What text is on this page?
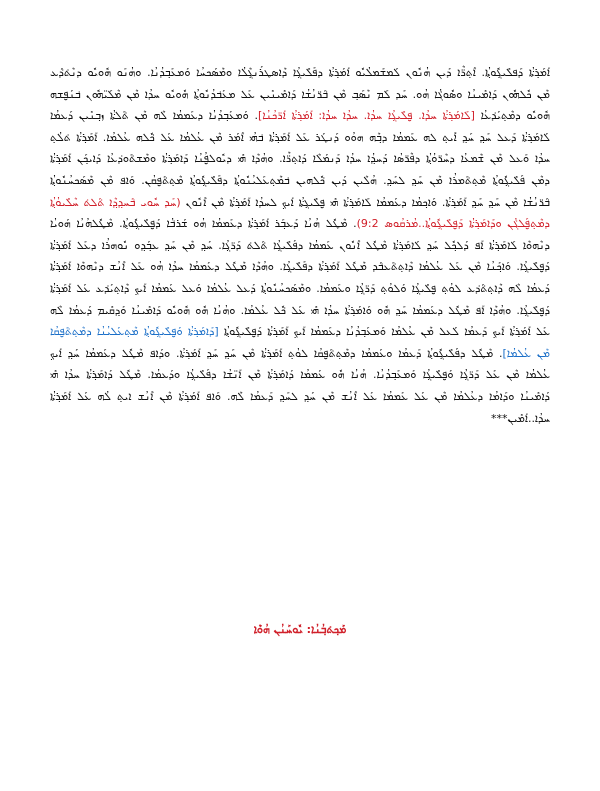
ܐܰܡܰܪ݂ܬ݁ܳܐ ܕܰܦܠܺܝܓ݂ܽܘܬ݂ܳܐ. ܐܶܬ݂ܪ̈ܶܐ ܕܰܝܢ ܗܳܢܽܘܢ ܠܰܡܫܰܡܠܳܝܽܘ ܐܰܡܰܪ݂ܬ݁ܳܐ ܕܦܰܠܺܝܓ݂ܳܐ ܕܶܐܣܛܪܰܢܓ݂ܶܠܳܐ ܘܡܶܣܰܟܚܳܐ ܘܰܡܥܰܒ݂ܕܳܢܳܐ. ܘܗܳܢܰܘ ܗܽܘܝܽܘ ܕܢܶܬ݁ܕ݁ܰܥ ܡܶܢ ܟܽܠܗܽܘܢ ܕܰܐܡܺܝܢܳܐ ܘܣܽܘܓ݁ܳܐ ܗܳܘ. ܚܰܕ ܠܰܡ ܢܶܣܰܒ݂ ܡܶܢ ܒ݁ܰܪ̈ܢܳܫܳܐ ܕܰܐܡܺܝܢܺܝܢ ܥܰܠ ܡܥܰܒ݁ܕܳܢܽܘܬ݂ܳܐ ܗܽܘܝܽܘ ܚܕܳܐ ܡܶܢ ܡܶܠܰܝ̈ܗܽܘܢ ܒ݁ܢܰܦ̮ܫܗ ܗܽܘܝܽܘ ܕܡܶܬ݂ܝܰܕ݁ܥܳܐ [ܠܰܐܡܰܪ݂ܬ݁ܳܐ ܚܕܳܐ. ܦ̮ܠܺܝܓ݂ܳܐ ܚܕܳܐ. ܚܕܳܐ ܚܕܳܐ: ܐܰܡܰܪ݂ܬ݁ܳܐ ܐܰܪ̈ܟܳܢܳܐ]. ܘܰܡܥܰܒ݂ܕܳܢܳܐ ܕܥܰܡܡܳܐ ܠܶܗ ܡܶܢ ܬ݁ܰܠܬ݁ܳܐ ܙܒ݂ܢܺܝܢ ܕܰܥܡܳܐ ܠܰܐܡܰܪ݂ܬ݁ܳܐ ܕܰܥܠ ܚܰܕ݂ ܚܰܕ݂ ܐܺܝܬ݂ ܠܗ ܥܰܡܡܳܐ ܕܒ݂ܶܗ ܗܘܳܘ ܕܰܢܛܰܪ ܥܰܠ ܐܰܡܰܪ݂ܬ݁ܳܐ ܒ݁ܗܳܝ ܐܶܡܰܪ ܡܶܢ ܥܳܠܡܳܐ ܥܰܠ ܟ݁ܽܠܗ ܥܳܠܡܳܐ. ܐܰܡܰܪ݂ܬ݁ܳܐ ܬ݁ܠܳܬ݂ ܚܕܳܐ ܘܰܥܠ ܡܶܢ ܫܶܡܥܳܐ ܕܚܶܪ̈ܘܳܬ݂ܳܐ ܕܦܶܪ̈ܣܳܐ ܕܰܚܕ݂ܳܐ ܚܕܳܐ ܕܰܢܡܰܠܶܐ ܕܰܐܬ݂ܪ̈ܶܐ. ܘܗܳܕܶܐ ܗܺܝ ܕܝܽܘܠܦ̮ܳܢܳܐ ܕܰܐܡܰܪ݂ܬ݁ܳܐ ܘܡܶܫܬ݁ܰܘܕ݁ܥܳܐ ܕܰܐܝܟ݂ܰܢ ܐܰܡܰܪ݂ܬ݁ܳܐ ܕܡܶܢ ܦܰܠܺܝܓ݂ܽܘܬ݂ܳܐ ܡܶܬ݂ܬ݁ܰܡܪܳܐ ܡܶܢ ܚܰܕ݂ ܠܚܰܕ݂. ܗܳܠܶܝܢ ܕܰܝܢ ܟ݁ܽܠܗܝܢ ܒ݁ܡܶܬ݂ܥܰܠܝܳܢܽܘܬ݂ܳܐ ܕܦܰܠܺܝܓ݂ܽܘܬ݂ܳܐ ܡܶܬ݂ܬ݁ܰܦ̮ܩܳܢ. ܘܰܐܦ ܡܶܢ ܡܶܣܰܟܚܳܢܽܘܬ݂ܳܐ ܒ݁ܰܪ̈ܢܳܫܳܐ ܡܶܢ ܚܰܕ݂ ܚܰܕ݂ ܐܰܡܰܪ݂ܬ݁ܳܐ. ܘܰܐܟ݂ܡܳܐ ܕܥܰܡܡܳܐ ܠܰܐܡܰܪ݂ܬ݁ܳܐ ܗܺܝ ܦ̮ܠܺܝܓ݂ܬ݁ܳܐ ܐܰܝܟ݂ ܠܚܕܳܐ ܐܰܡܰܪ݂ܬ݁ܳܐ ܡܶܢ ܐܶܢܽܘܢ (ܚܰܕ ܚܽܘܝ ܒ݁ܰܚܕ݂ܕ݂ܶܐ ܬ݁ܰܠܬ݁ ܚܶܠܺܝܘܳܬ݂ܳܐ ܕܡܶܬ݂ܦ̮ܰܠܓ݁ܳܢ ܘܕܰܐܡܰܪ݂ܬ݁ܳܐ ܕܰܦ̮ܠܺܝܓ݂ܽܘܬ݂ܳܐ..ܡܳܪܩܳܘܣ 9:2). ܡܶܛܽܠ ܗܳܢܳܐ ܕܰܥܒ݂ܰܪ ܐܰܡܰܪ݂ܬ݁ܳܐ ܕܥܰܡܡܳܐ ܗܳܘ ܫܰܪܒ݁ܳܐ ܕܰܦ̮ܠܺܝܓ݂ܽܘܬ݂ܳܐ. ܡܶܛܽܠܗܳܢܳܐ ܗܰܘܝܳܐ ܕܢܶܗܘܶܐ ܠܰܐܡܰܪ݂ܬ݁ܳܐ ܐܰܦ ܕܰܠܟ݂ܽܠ ܚܰܕ݂ ܠܰܐܡܰܪ݂ܬ݁ܳܐ ܡܶܛܽܠ ܐܶܢܽܘܢ ܥܰܡܡܳܐ ܕܦܰܠܺܝܓ݂ܳܐ ܬ݁ܰܠܬ݁ ܕܰܪ̈ܓ݂ܳܐ. ܚܰܕ݂ ܡܶܢ ܚܰܕ݂ ܥܒ݂ܰܕ݂ܘ ܢܽܘܗܪܳܐ ܕܥܰܠ ܐܰܡܰܪ݂ܬ݁ܳܐ ܕܰܦ̮ܠܺܝܓ݂ܳܐ. ܘܰܐܟ݂ܰܢܳܐ ܡܶܢ ܥܰܠ ܥܳܠܡܳܐ ܕܶܐܬ݂ܬ݁ܰܥܒ݁ܰܕ ܡܶܛܽܠ ܐܰܡܰܪ݂ܬ݁ܳܐ ܕܦܰܠܺܝܓ݂ܳܐ. ܘܗܳܕܶܐ ܡܶܛܽܠ ܕܥܰܡܡܳܐ ܚܕܳܐ ܗܳܘ ܥܰܠ ܐܶܢܳܫ ܕܢܶܗܘܶܐ ܐܰܡܰܪ݂ܬ݁ܳܐ ܕܰܥܡܳܐ ܠܶܗ ܕܶܐܬ݂ܬ݁ܰܕ݁ܥ ܠܘܳܬ݂ ܦ̮ܠܺܝܓ݂ܳܐ ܘܰܠܘܳܬ݂ ܕܰܪ̈ܓ݂ܳܐ ܘܥܰܡܡܳܐ. ܘܡܶܣܰܟܚܳܢܽܘܬ݂ܳܐ ܕܰܥܠ ܥܳܠܡܳܐ ܘܰܥܠ ܥܰܡܡܳܐ ܐܰܝܟ݂ ܕܶܐܬ݂ܝܰܕ݁ܥ ܥܰܠ ܐܰܡܰܪ݂ܬ݁ܳܐ ܕܰܦ̮ܠܺܝܓ݂ܳܐ. ܘܗܳܕܶܐ ܐܰܦ ܡܶܛܽܠ ܕܥܰܡܡܳܐ ܚܰܕ݂ ܗܽܘ ܘܰܐܡܰܪ݂ܬ݁ܳܐ ܚܕܳܐ ܗܺܝ ܥܰܠ ܟ݁ܽܠ ܥܳܠܡܳܐ. ܘܗܳܢܳܐ ܗܽܘ ܗܽܘܝܽܘ ܕܰܐܡܺܝܢܳܐ ܘܰܕ݂ܩܺܝܡ ܕܰܥܡܳܐ ܠܶܗ ܥܰܠ ܐܰܡܰܪ݂ܬ݁ܳܐ ܐܰܝܟ݂ ܕܰܥܡܳܐ ܠܰܥܠ ܡܶܢ ܥܳܠܡܳܐ ܘܰܡܥܰܒ݂ܕܳܢܳܐ ܕܥܰܡܡܳܐ ܐܰܝܟ݂ ܐܰܡܰܪ݂ܬ݁ܳܐ ܕܰܦ̮ܠܺܝܓ݂ܽܘܬ݂ܳܐ [ܕܰܐܡܰܪ݂ܬ݁ܳܐ ܘܰܦ̮ܠܺܝܓ݂ܽܘܬ݂ܳܐ ܡܶܬ݂ܥܰܠܝܳܢܳܐ ܕܡܶܬ݂ܬ݁ܰܦ̮ܩܳܐ ܡܶܢ ܥܳܠܡܳܐ]. ܡܶܛܽܠ ܕܦܰܠܺܝܓ݂ܽܘܬ݂ܳܐ ܕܰܥܡܳܐ ܘܥܰܡܡܳܐ ܕܡܶܬ݂ܬ݁ܰܦ̮ܩܳܐ ܠܘܳܬ݂ ܐܰܡܰܪ݂ܬ݁ܳܐ ܡܶܢ ܚܰܕ݂ ܚܰܕ݂ ܐܰܡܰܪ݂ܬ݁ܳܐ. ܘܕܰܐܦ ܡܶܛܽܠ ܕܥܰܡܡܳܐ ܚܰܕ݂ ܐܰܝܟ݂ ܥܳܠܡܳܐ ܡܶܢ ܥܰܠ ܕܰܪ̈ܓ݂ܳܐ ܘܰܦ̮ܠܺܝܓ݂ܳܐ ܘܰܡܥܰܒ݂ܕܳܢܳܐ. ܗܳܢܳܐ ܗܽܘ ܥܰܡܡܳܐ ܕܰܐܡܰܪ݂ܬ݁ܳܐ ܡܶܢ ܐܰܢ̈ܫܳܐ ܕܦܰܠܺܝܓ݂ܳܐ ܘܕܰܥܡܳܐ. ܡܶܛܽܠ ܕܰܐܡܰܪ݂ܬ݁ܳܐ ܚܕܳܐ ܗܺܝ ܕܰܐܡܺܝܢܳܐ ܘܕܰܐܡܳܐ ܕܥܳܠܡܳܐ ܡܶܢ ܥܰܠ ܥܰܡܡܳܐ ܥܰܠ ܐܶܢܳܫ ܡܶܢ ܚܰܕ݂ ܠܚܰܕ݂ ܕܰܥܡܳܐ ܠܶܗ. ܘܰܐܦ ܐܰܡܰܪ݂ܬ݁ܳܐ ܡܶܢ ܐܶܢܳܫ ܐܝܬ݂ ܠܳܗ ܥܰܠ ܐܰܡܰܪ݂ܬ݁ܳܐ ܚܕܳܐ..ܐܰܡܺܝܢ***
ܡܰܟ݂ܬ݁ܒ݂ܳܢܳܐ: ܝܽܘܚܰܢܳܢ ܗܳܘܶܐ
